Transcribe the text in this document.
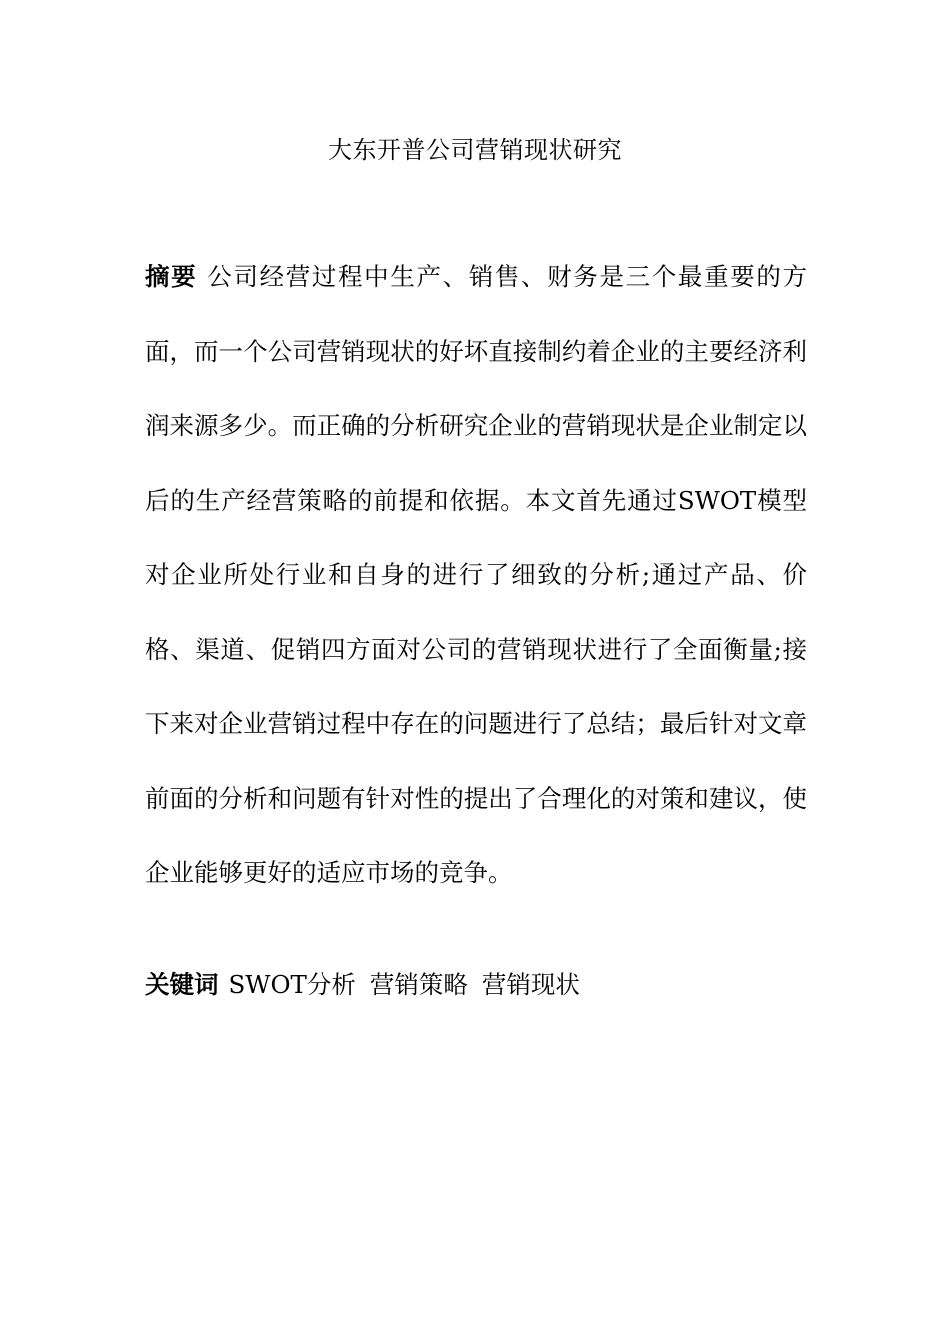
大东开普公司营销现状研究

摘要 公司经营过程中生产、销售、财务是三个最重要的方面，而一个公司营销现状的好坏直接制约着企业的主要经济利润来源多少。而正确的分析研究企业的营销现状是企业制定以后的生产经营策略的前提和依据。本文首先通过SWOT模型对企业所处行业和自身的进行了细致的分析;通过产品、价格、渠道、促销四方面对公司的营销现状进行了全面衡量;接下来对企业营销过程中存在的问题进行了总结；最后针对文章前面的分析和问题有针对性的提出了合理化的对策和建议，使企业能够更好的适应市场的竞争。

关键词 SWOT分析 营销策略 营销现状
